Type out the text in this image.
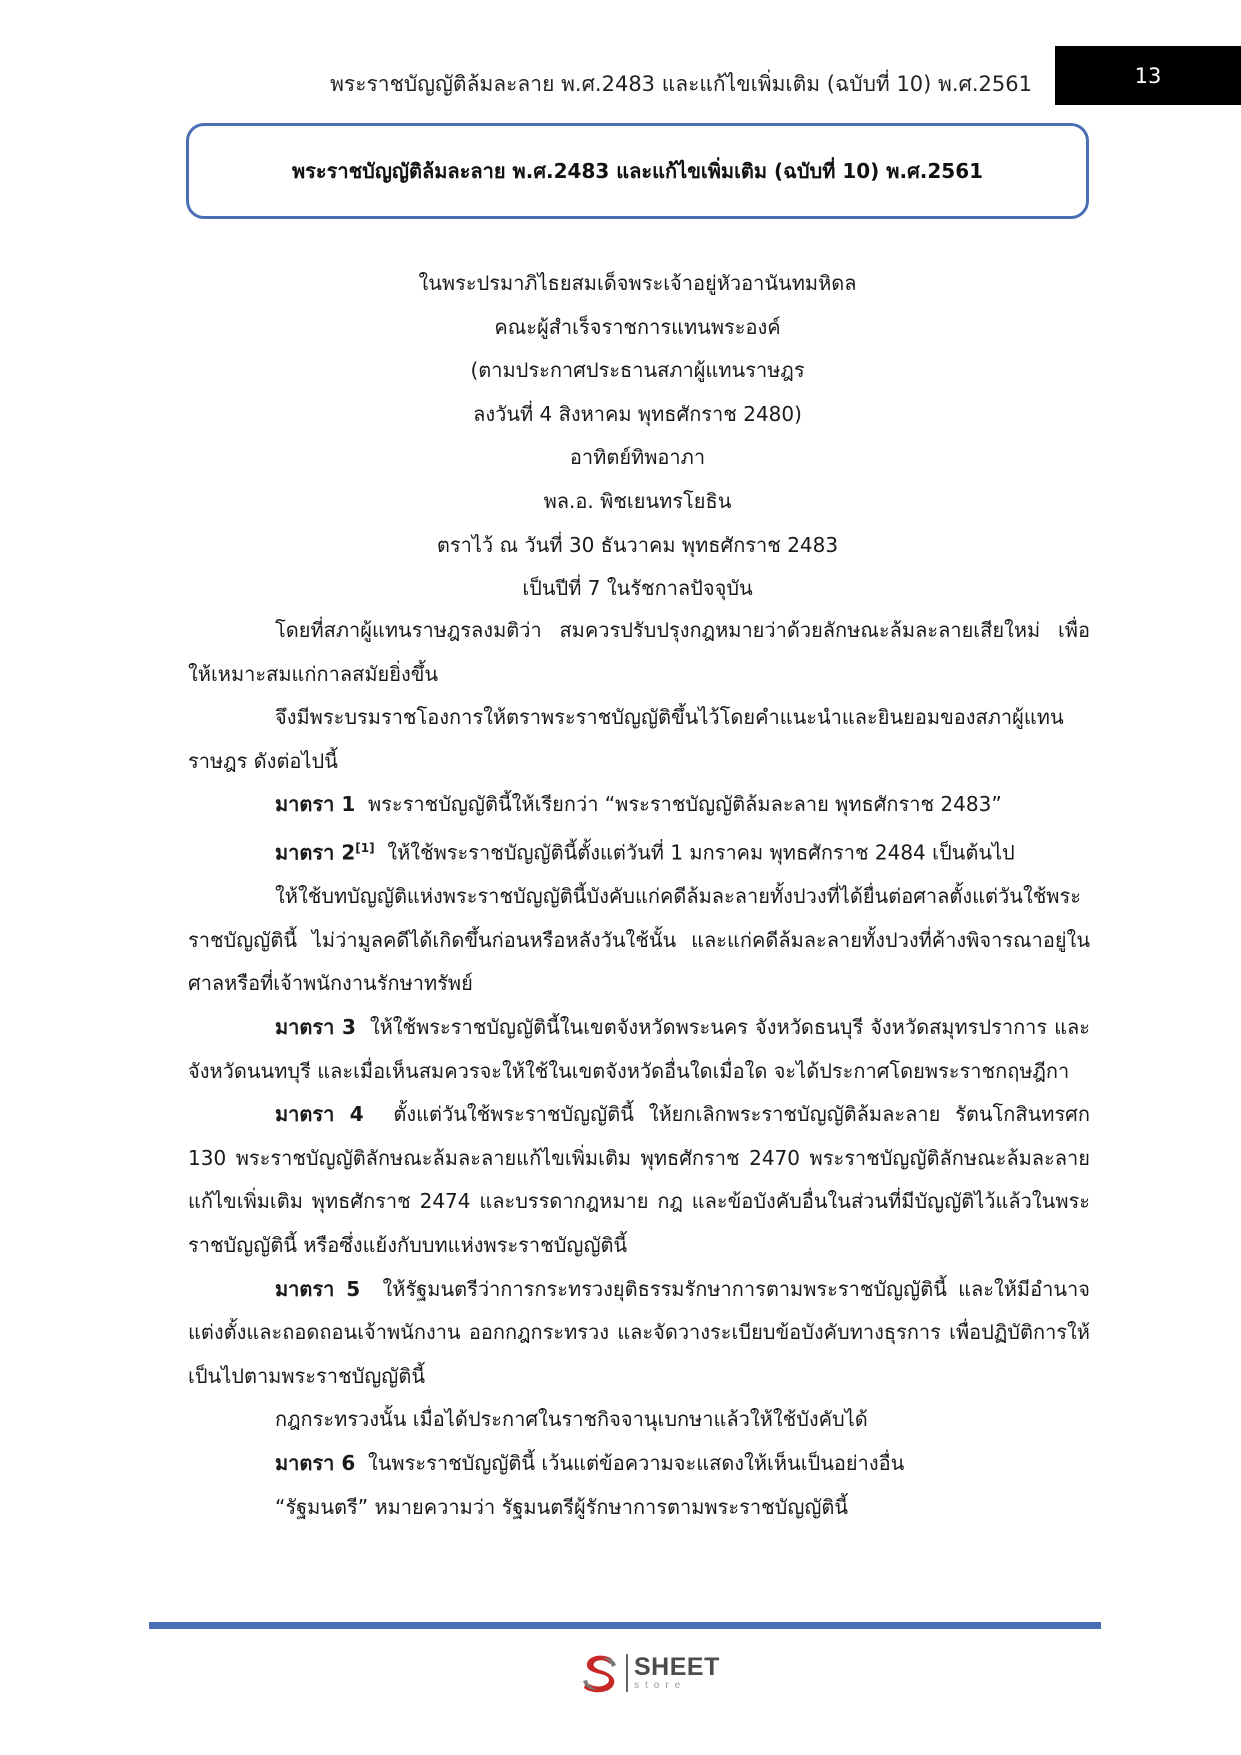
พระราชบัญญัติล้มละลาย พ.ศ.2483 และแก้ไขเพิ่มเติม (ฉบับที่ 10) พ.ศ.2561	13
พระราชบัญญัติล้มละลาย พ.ศ.2483 และแก้ไขเพิ่มเติม (ฉบับที่ 10) พ.ศ.2561
ในพระปรมาภิไธยสมเด็จพระเจ้าอยู่หัวอานันทมหิดล
คณะผู้สำเร็จราชการแทนพระองค์
(ตามประกาศประธานสภาผู้แทนราษฎร
ลงวันที่ 4 สิงหาคม พุทธศักราช 2480)
อาทิตย์ทิพอาภา
พล.อ. พิชเยนทรโยธิน
ตราไว้ ณ วันที่ 30 ธันวาคม พุทธศักราช 2483
เป็นปีที่ 7 ในรัชกาลปัจจุบัน

โดยที่สภาผู้แทนราษฎรลงมติว่า สมควรปรับปรุงกฎหมายว่าด้วยลักษณะล้มละลายเสียใหม่ เพื่อให้เหมาะสมแก่กาลสมัยยิ่งขึ้น

จึงมีพระบรมราชโองการให้ตราพระราชบัญญัติขึ้นไว้โดยคำแนะนำและยินยอมของสภาผู้แทนราษฎร ดังต่อไปนี้

มาตรา 1 พระราชบัญญัตินี้ให้เรียกว่า “พระราชบัญญัติล้มละลาย พุทธศักราช 2483”

มาตรา 2[1] ให้ใช้พระราชบัญญัตินี้ตั้งแต่วันที่ 1 มกราคม พุทธศักราช 2484 เป็นต้นไป

ให้ใช้บทบัญญัติแห่งพระราชบัญญัตินี้บังคับแก่คดีล้มละลายทั้งปวงที่ได้ยื่นต่อศาลตั้งแต่วันใช้พระราชบัญญัตินี้ ไม่ว่ามูลคดีได้เกิดขึ้นก่อนหรือหลังวันใช้นั้น และแก่คดีล้มละลายทั้งปวงที่ค้างพิจารณาอยู่ในศาลหรือที่เจ้าพนักงานรักษาทรัพย์

มาตรา 3 ให้ใช้พระราชบัญญัตินี้ในเขตจังหวัดพระนคร จังหวัดธนบุรี จังหวัดสมุทรปราการ และจังหวัดนนทบุรี และเมื่อเห็นสมควรจะให้ใช้ในเขตจังหวัดอื่นใดเมื่อใด จะได้ประกาศโดยพระราชกฤษฎีกา

มาตรา 4 ตั้งแต่วันใช้พระราชบัญญัตินี้ ให้ยกเลิกพระราชบัญญัติล้มละลาย รัตนโกสินทรศก 130 พระราชบัญญัติลักษณะล้มละลายแก้ไขเพิ่มเติม พุทธศักราช 2470 พระราชบัญญัติลักษณะล้มละลายแก้ไขเพิ่มเติม พุทธศักราช 2474 และบรรดากฎหมาย กฎ และข้อบังคับอื่นในส่วนที่มีบัญญัติไว้แล้วในพระราชบัญญัตินี้ หรือซึ่งแย้งกับบทแห่งพระราชบัญญัตินี้

มาตรา 5 ให้รัฐมนตรีว่าการกระทรวงยุติธรรมรักษาการตามพระราชบัญญัตินี้ และให้มีอำนาจแต่งตั้งและถอดถอนเจ้าพนักงาน ออกกฎกระทรวง และจัดวางระเบียบข้อบังคับทางธุรการ เพื่อปฏิบัติการให้เป็นไปตามพระราชบัญญัตินี้

กฎกระทรวงนั้น เมื่อได้ประกาศในราชกิจจานุเบกษาแล้วให้ใช้บังคับได้

มาตรา 6 ในพระราชบัญญัตินี้ เว้นแต่ข้อความจะแสดงให้เห็นเป็นอย่างอื่น

“รัฐมนตรี” หมายความว่า รัฐมนตรีผู้รักษาการตามพระราชบัญญัตินี้

SHEET
store
